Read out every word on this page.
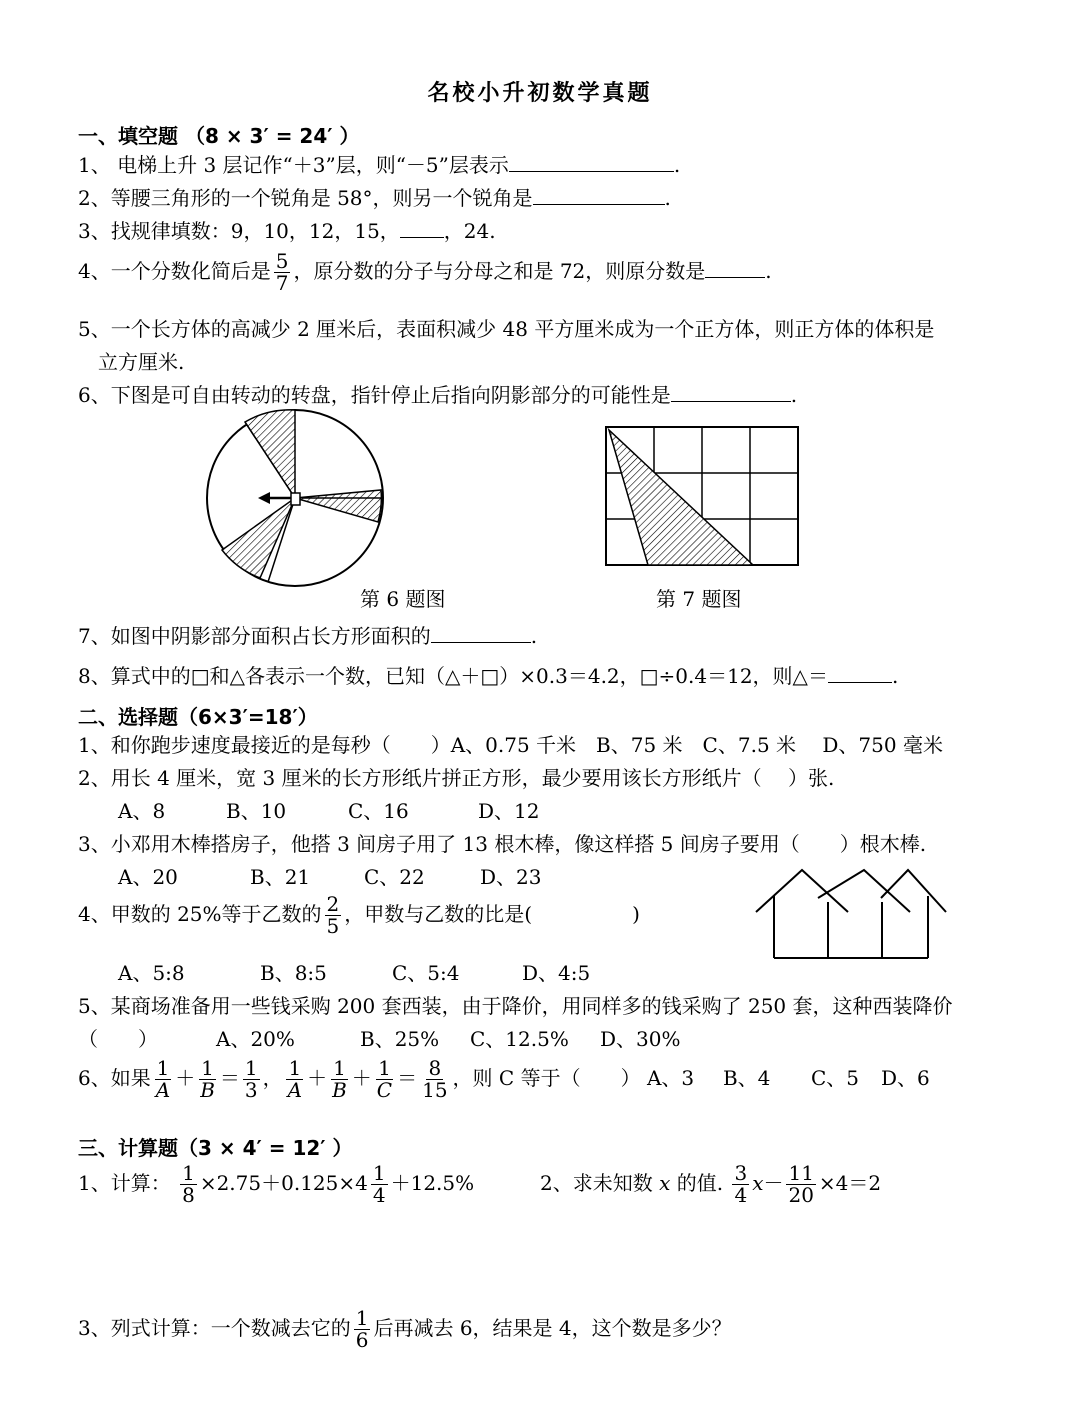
名校小升初数学真题
一、填空题 （8 × 3′ = 24′ ）
1、 电梯上升 3 层记作“＋3”层，则“－5”层表示	.
2、等腰三角形的一个锐角是 58°，则另一个锐角是	.
3、找规律填数：9，10，12，15， ，24.
4、一个分数化简后是 $\frac{5}{7}$ ，原分数的分子与分母之和是 72，则原分数是	.
5、一个长方体的高减少 2 厘米后，表面积减少 48 平方厘米成为一个正方体，则正方体的体积是
立方厘米.
6、下图是可自由转动的转盘，指针停止后指向阴影部分的可能性是	.
第 6 题图	第 7 题图
7、如图中阴影部分面积占长方形面积的	.
8、算式中的□和△各表示一个数，已知（△＋□）×0.3＝4.2，□÷0.4＝12，则△＝	.
二、选择题（6×3′=18′）
1、和你跑步速度最接近的是每秒（　　）A、0.75 千米　B、75 米　C、7.5 米　 D、750 毫米
2、用长 4 厘米，宽 3 厘米的长方形纸片拼正方形，最少要用该长方形纸片（　 ）张.
A、8	B、10	C、16	D、12
3、小邓用木棒搭房子，他搭 3 间房子用了 13 根木棒，像这样搭 5 间房子要用（　　）根木棒.
A、20	B、21	C、22	D、23
4、甲数的 25%等于乙数的 $\frac{2}{5}$ ，甲数与乙数的比是(　　　　　)
A、5:8	B、8:5	C、5:4	D、4:5
5、某商场准备用一些钱采购 200 套西装，由于降价，用同样多的钱采购了 250 套，这种西装降价
（　　）	A、20%	B、25% C、12.5% D、30%
6、如果 $\frac{1}{A} + \frac{1}{B} = \frac{1}{3}$ ， $\frac{1}{A} + \frac{1}{B} + \frac{1}{C} = \frac{8}{15}$ ，则 C 等于（　　） A、3 B、4 C、5 D、6
三、计算题（3 × 4′ = 12′ ）
1、计算： $\frac{1}{8} \times 2.75+0.125\times 4 \frac{1}{4} +12.5\%$	2、求未知数 x 的值. $\frac{3}{4} x- \frac{11}{20} \times 4=2$
3、列式计算：一个数减去它的 $\frac{1}{6}$ 后再减去 6，结果是 4，这个数是多少？
